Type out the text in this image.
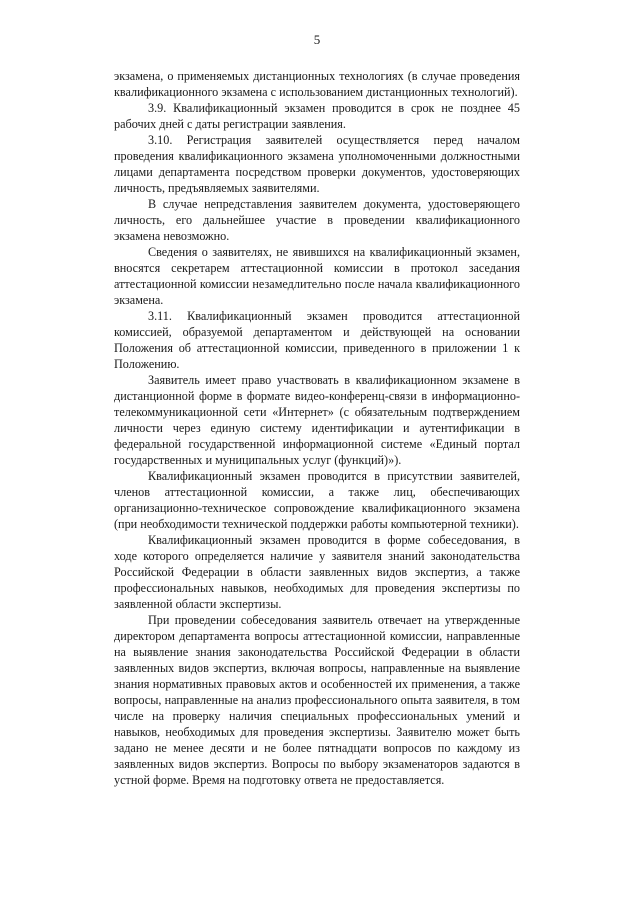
5

экзамена, о применяемых дистанционных технологиях (в случае проведения квалификационного экзамена с использованием дистанционных технологий).

3.9. Квалификационный экзамен проводится в срок не позднее 45 рабочих дней с даты регистрации заявления.

3.10. Регистрация заявителей осуществляется перед началом проведения квалификационного экзамена уполномоченными должностными лицами департамента посредством проверки документов, удостоверяющих личность, предъявляемых заявителями.

В случае непредставления заявителем документа, удостоверяющего личность, его дальнейшее участие в проведении квалификационного экзамена невозможно.

Сведения о заявителях, не явившихся на квалификационный экзамен, вносятся секретарем аттестационной комиссии в протокол заседания аттестационной комиссии незамедлительно после начала квалификационного экзамена.

3.11. Квалификационный экзамен проводится аттестационной комиссией, образуемой департаментом и действующей на основании Положения об аттестационной комиссии, приведенного в приложении 1 к Положению.

Заявитель имеет право участвовать в квалификационном экзамене в дистанционной форме в формате видео-конференц-связи в информационно-телекоммуникационной сети «Интернет» (с обязательным подтверждением личности через единую систему идентификации и аутентификации в федеральной государственной информационной системе «Единый портал государственных и муниципальных услуг (функций)»).

Квалификационный экзамен проводится в присутствии заявителей, членов аттестационной комиссии, а также лиц, обеспечивающих организационно-техническое сопровождение квалификационного экзамена (при необходимости технической поддержки работы компьютерной техники).

Квалификационный экзамен проводится в форме собеседования, в ходе которого определяется наличие у заявителя знаний законодательства Российской Федерации в области заявленных видов экспертиз, а также профессиональных навыков, необходимых для проведения экспертизы по заявленной области экспертизы.

При проведении собеседования заявитель отвечает на утвержденные директором департамента вопросы аттестационной комиссии, направленные на выявление знания законодательства Российской Федерации в области заявленных видов экспертиз, включая вопросы, направленные на выявление знания нормативных правовых актов и особенностей их применения, а также вопросы, направленные на анализ профессионального опыта заявителя, в том числе на проверку наличия специальных профессиональных умений и навыков, необходимых для проведения экспертизы. Заявителю может быть задано не менее десяти и не более пятнадцати вопросов по каждому из заявленных видов экспертиз. Вопросы по выбору экзаменаторов задаются в устной форме. Время на подготовку ответа не предоставляется.
